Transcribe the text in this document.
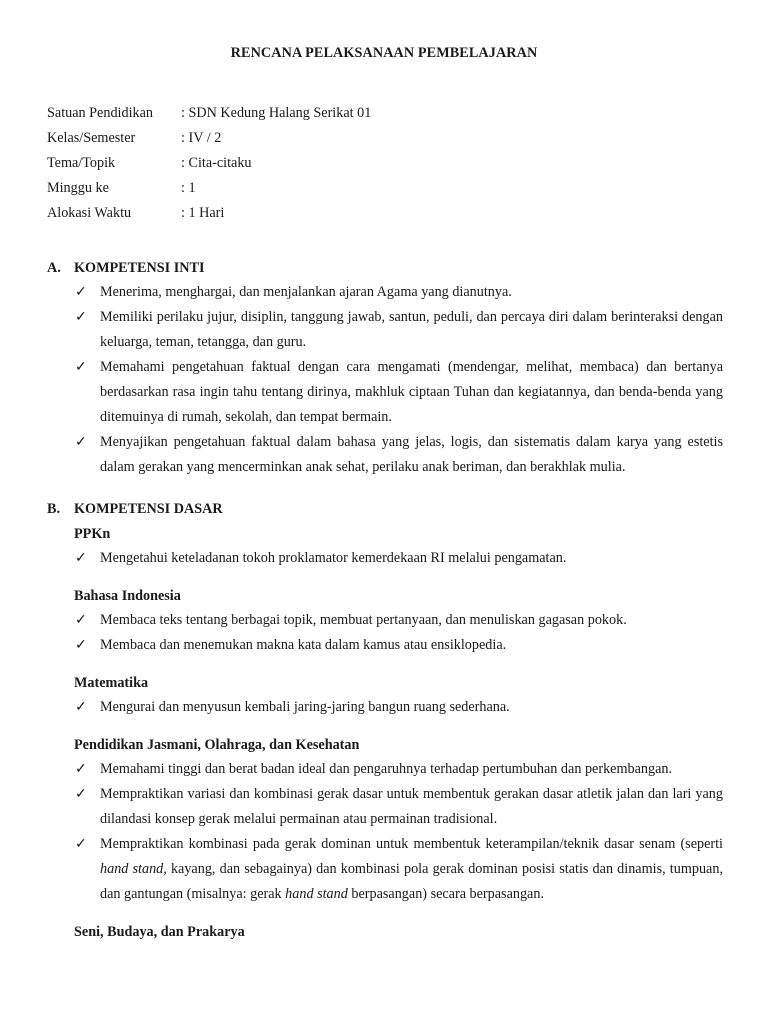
RENCANA PELAKSANAAN PEMBELAJARAN
Satuan Pendidikan : SDN Kedung Halang Serikat 01
Kelas/Semester	: IV / 2
Tema/Topik	: Cita-citaku
Minggu ke	: 1
Alokasi Waktu	: 1 Hari
A. KOMPETENSI INTI
✓ Menerima, menghargai, dan menjalankan ajaran Agama yang dianutnya.
✓ Memiliki perilaku jujur, disiplin, tanggung jawab, santun, peduli, dan percaya diri dalam berinteraksi dengan keluarga, teman, tetangga, dan guru.
✓ Memahami pengetahuan faktual dengan cara mengamati (mendengar, melihat, membaca) dan bertanya berdasarkan rasa ingin tahu tentang dirinya, makhluk ciptaan Tuhan dan kegiatannya, dan benda-benda yang ditemuinya di rumah, sekolah, dan tempat bermain.
✓ Menyajikan pengetahuan faktual dalam bahasa yang jelas, logis, dan sistematis dalam karya yang estetis dalam gerakan yang mencerminkan anak sehat, perilaku anak beriman, dan berakhlak mulia.
B. KOMPETENSI DASAR
PPKn
✓ Mengetahui keteladanan tokoh proklamator kemerdekaan RI melalui pengamatan.
Bahasa Indonesia
✓ Membaca teks tentang berbagai topik, membuat pertanyaan, dan menuliskan gagasan pokok.
✓ Membaca dan menemukan makna kata dalam kamus atau ensiklopedia.
Matematika
✓ Mengurai dan menyusun kembali jaring-jaring bangun ruang sederhana.
Pendidikan Jasmani, Olahraga, dan Kesehatan
✓ Memahami tinggi dan berat badan ideal dan pengaruhnya terhadap pertumbuhan dan perkembangan.
✓ Mempraktikan variasi dan kombinasi gerak dasar untuk membentuk gerakan dasar atletik jalan dan lari yang dilandasi konsep gerak melalui permainan atau permainan tradisional.
✓ Mempraktikan kombinasi pada gerak dominan untuk membentuk keterampilan/teknik dasar senam (seperti hand stand, kayang, dan sebagainya) dan kombinasi pola gerak dominan posisi statis dan dinamis, tumpuan, dan gantungan (misalnya: gerak hand stand berpasangan) secara berpasangan.
Seni, Budaya, dan Prakarya
